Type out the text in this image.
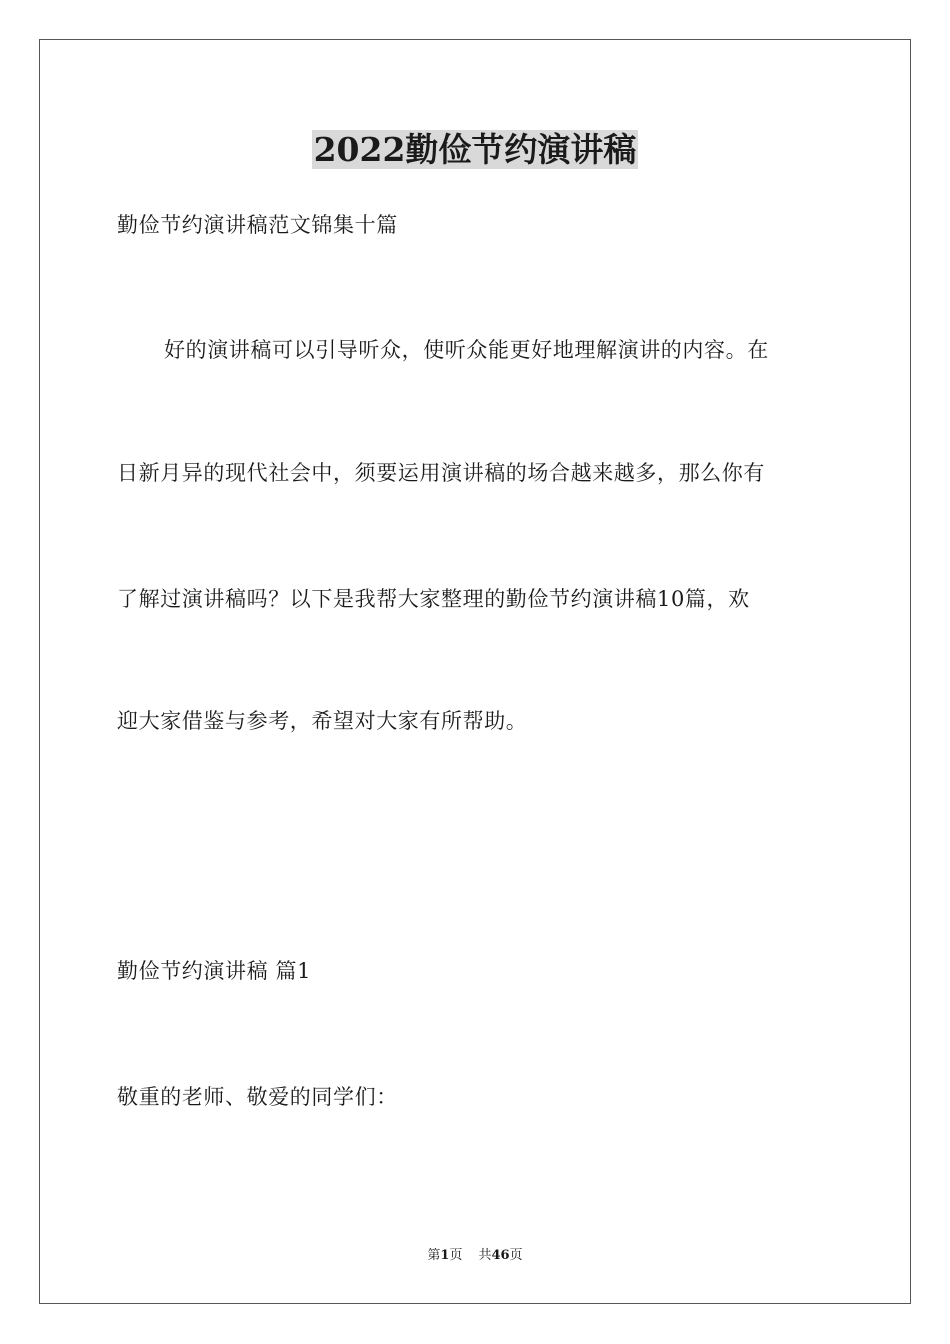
2022勤俭节约演讲稿
勤俭节约演讲稿范文锦集十篇
好的演讲稿可以引导听众，使听众能更好地理解演讲的内容。在
日新月异的现代社会中，须要运用演讲稿的场合越来越多，那么你有
了解过演讲稿吗？以下是我帮大家整理的勤俭节约演讲稿10篇，欢
迎大家借鉴与参考，希望对大家有所帮助。
勤俭节约演讲稿 篇1
敬重的老师、敬爱的同学们：
第1页 共46页
